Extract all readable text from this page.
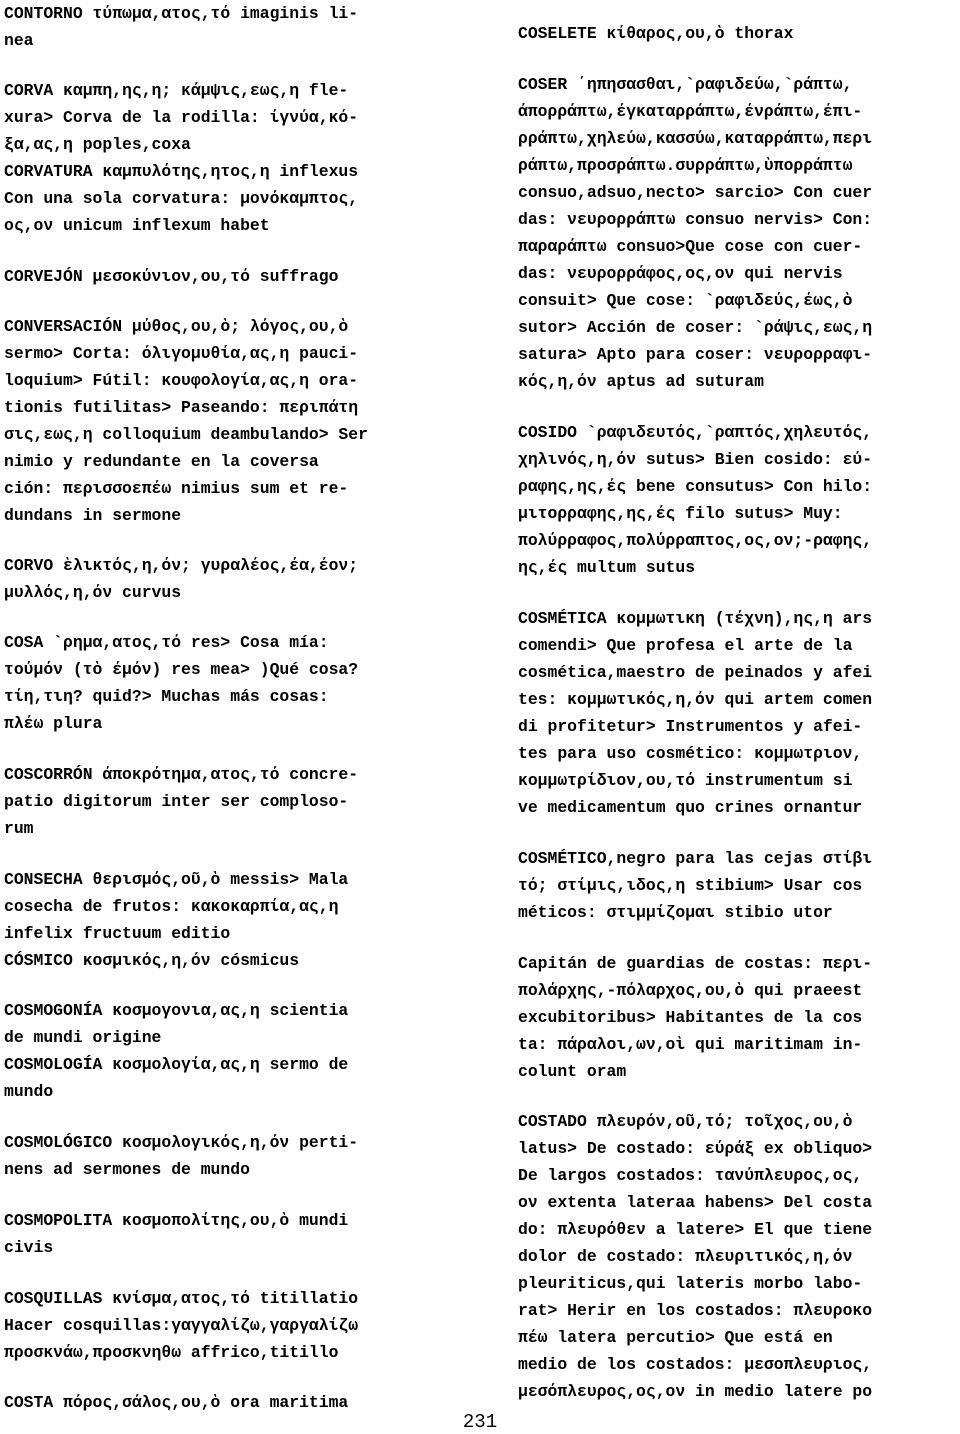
CONTORNO τύπωμα,ατος,τό imaginis li-
nea
CORVA καμπη,ης,η; κάμψις,εως,η fle-
xura> Corva de la rodilla: ίγνύα,κό-
ξα,ας,η poples,coxa
CORVATURA καμπυλότης,ητος,η inflexus
Con una sola corvatura: μονόκαμπτος,
ος,ον unicum inflexum habet
CORVEJÓN μεσοκύνιον,ου,τό suffrago
CONVERSACIÓN μύθος,ου,ὸ; λόγος,ου,ὸ
sermo> Corta: όλιγομυθία,ας,η pauci-
loquium> Fútil: κουφολογία,ας,η ora-
tionis futilitas> Paseando: περιπάτη
σις,εως,η colloquium deambulando> Ser
nimio y redundante en la coversa
ción: περισσοεπέω nimius sum et re-
dundans in sermone
CORVO ὲλικτός,η,όν; γυραλέος,έα,έον;
μυλλός,η,όν curvus
COSA `ρημα,ατος,τό res> Cosa mía:
τούμόν (τὸ έμόν) res mea> )Qué cosa?
τίη,τιη? quid?> Muchas más cosas:
πλέω plura
COSCORRÓN άποκρότημα,ατος,τό concre-
patio digitorum inter ser complosо-
rum
CONSECHA θερισμός,οῦ,ὸ messis> Mala
cosecha de frutos: κακοκαρπία,ας,η
infelix fructuum editio
CÓSMICO κοσμικός,η,όν cósmicus
COSMOGONÍA κοσμογονια,ας,η scientia
de mundi origine
COSMOLOGÍA κοσμολογία,ας,η sermo de
mundo
COSMOLÓGICO κοσμολογικός,η,όν perti-
nens ad sermones de mundo
COSMOPOLITA κοσμοπολίτης,ου,ὸ mundi
civis
COSQUILLAS κνίσμα,ατος,τό titillatio
Hacer cosquillas:γαγγαλίζω,γαργαλίζω
προσκνάω,προσκνηθω affrico,titillo
COSTA πόρος,σάλος,ου,ὸ ora maritima
COSELETE κίθαρος,ου,ὸ thorax
COSER ΄ηπησασθαι,`ραφιδεύω,`ράπτω,
άπορράπτω,έγκαταρράπτω,ένράπτω,έπι-
ρράπτω,χηλεύω,κασσύω,καταρράπτω,περι
ράπτω,προσράπτω.συρράπτω,ὺπορράπτω
consuo,adsuo,necto> sarcio> Con cuer
das: νευρορράπτω consuo nervis> Con:
παραράπτω consuo>Que cose con cuer-
das: νευρορράφος,ος,ον qui nervis
consuit> Que cose: `ραφιδεύς,έως,ὸ
sutor> Acción de coser: `ράψις,εως,η
satura> Apto para coser: νευρορραφι-
κός,η,όν aptus ad suturam
COSIDO `ραφιδευτός,`ραπτός,χηλευτός,
χηλινός,η,όν sutus> Bien cosido: εύ-
ραφης,ης,ές bene consutus> Con hilo:
μιτορραφης,ης,ές filo sutus> Muy:
πολύρραφος,πολύρραπτος,ος,ον;-ραφης,
ης,ές multum sutus
COSMÉTICA κομμωτικη (τέχνη),ης,η ars
comendi> Que profesa el arte de la
cosmética,maestro de peinados y afei
tes: κομμωτικός,η,όν qui artem comen
di profitetur> Instrumentos y afei-
tes para uso cosmético: κομμωτριον,
κομμωτρίδιον,ου,τό instrumentum si
ve medicamentum quo crines ornantur
COSMÉTICO,negro para las cejas στίβι
τό; στίμις,ιδος,η stibium> Usar cos
méticos: στιμμίζομαι stibio utor
Capitán de guardias de costas: περι-
πολάρχης,-πόλαρχος,ου,ὸ qui praeest
excubitoribus> Habitantes de la cos
ta: πάραλοι,ων,οὶ qui maritimam in-
colunt oram
COSTADO πλευρόν,οῦ,τό; τοῖχος,ου,ὸ
latus> De costado: εύράξ ex obliquo>
De largos costados: τανύπλευρος,ος,
ον extenta lateraa habens> Del costa
do: πλευρόθεν a latere> El que tiene
dolor de costado: πλευριτικός,η,όν
pleuriticus,qui lateris morbo labo-
rat> Herir en los costados: πλευροκο
πέω latera percutio> Que está en
medio de los costados: μεσοπλευριος,
μεσόπλευρος,ος,ον in medio latere po
231
